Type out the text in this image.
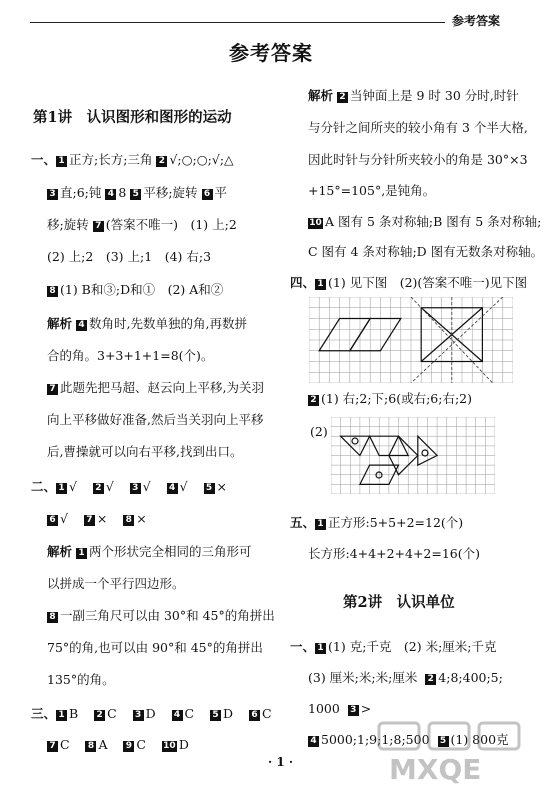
参考答案
参考答案
第1讲　认识图形和图形的运动
一、 1 正方;长方;三角 2 √;○;○;√;△
3 直;6;钝 4 8 5 平移;旋转 6 平
移;旋转 7 (答案不唯一)　(1) 上;2
(2) 上;2　(3) 上;1　(4) 右;3
8 (1) B和③;D和①　(2) A和②
解析 4 数角时,先数单独的角,再数拼
合的角。3+3+1+1=8(个)。
7 此题先把马超、赵云向上平移,为关羽
向上平移做好准备,然后当关羽向上平移
后,曹操就可以向右平移,找到出口。
二、 1 √ 2 √ 3 √ 4 √ 5 ×
6 √ 7 × 8 ×
解析 1 两个形状完全相同的三角形可
以拼成一个平行四边形。
8 一副三角尺可以由 30°和 45°的角拼出
75°的角,也可以由 90°和 45°的角拼出
135°的角。
三、 1 B 2 C 3 D 4 C 5 D 6 C
7 C 8 A 9 C 10 D
解析 2 当钟面上是 9 时 30 分时,时针
与分针之间所夹的较小角有 3 个半大格,
因此时针与分针所夹较小的角是 30°×3
+15°=105°,是钝角。
10 A 图有 5 条对称轴;B 图有 5 条对称轴;
C 图有 4 条对称轴;D 图有无数条对称轴。
四、 1 (1) 见下图　(2)(答案不唯一)见下图
2 (1) 右;2;下;6(或右;6;右;2)
(2)
五、 1 正方形:5+5+2=12(个)
长方形:4+4+2+4+2=16(个)
第2讲　认识单位
一、 1 (1) 克;千克　(2) 米;厘米;千克
(3) 厘米;米;米;厘米 2 4;8;400;5;
1000 3 >
4 5000;1;9;1;8;500 5 (1) 800克
· 1 ·	MXQE
